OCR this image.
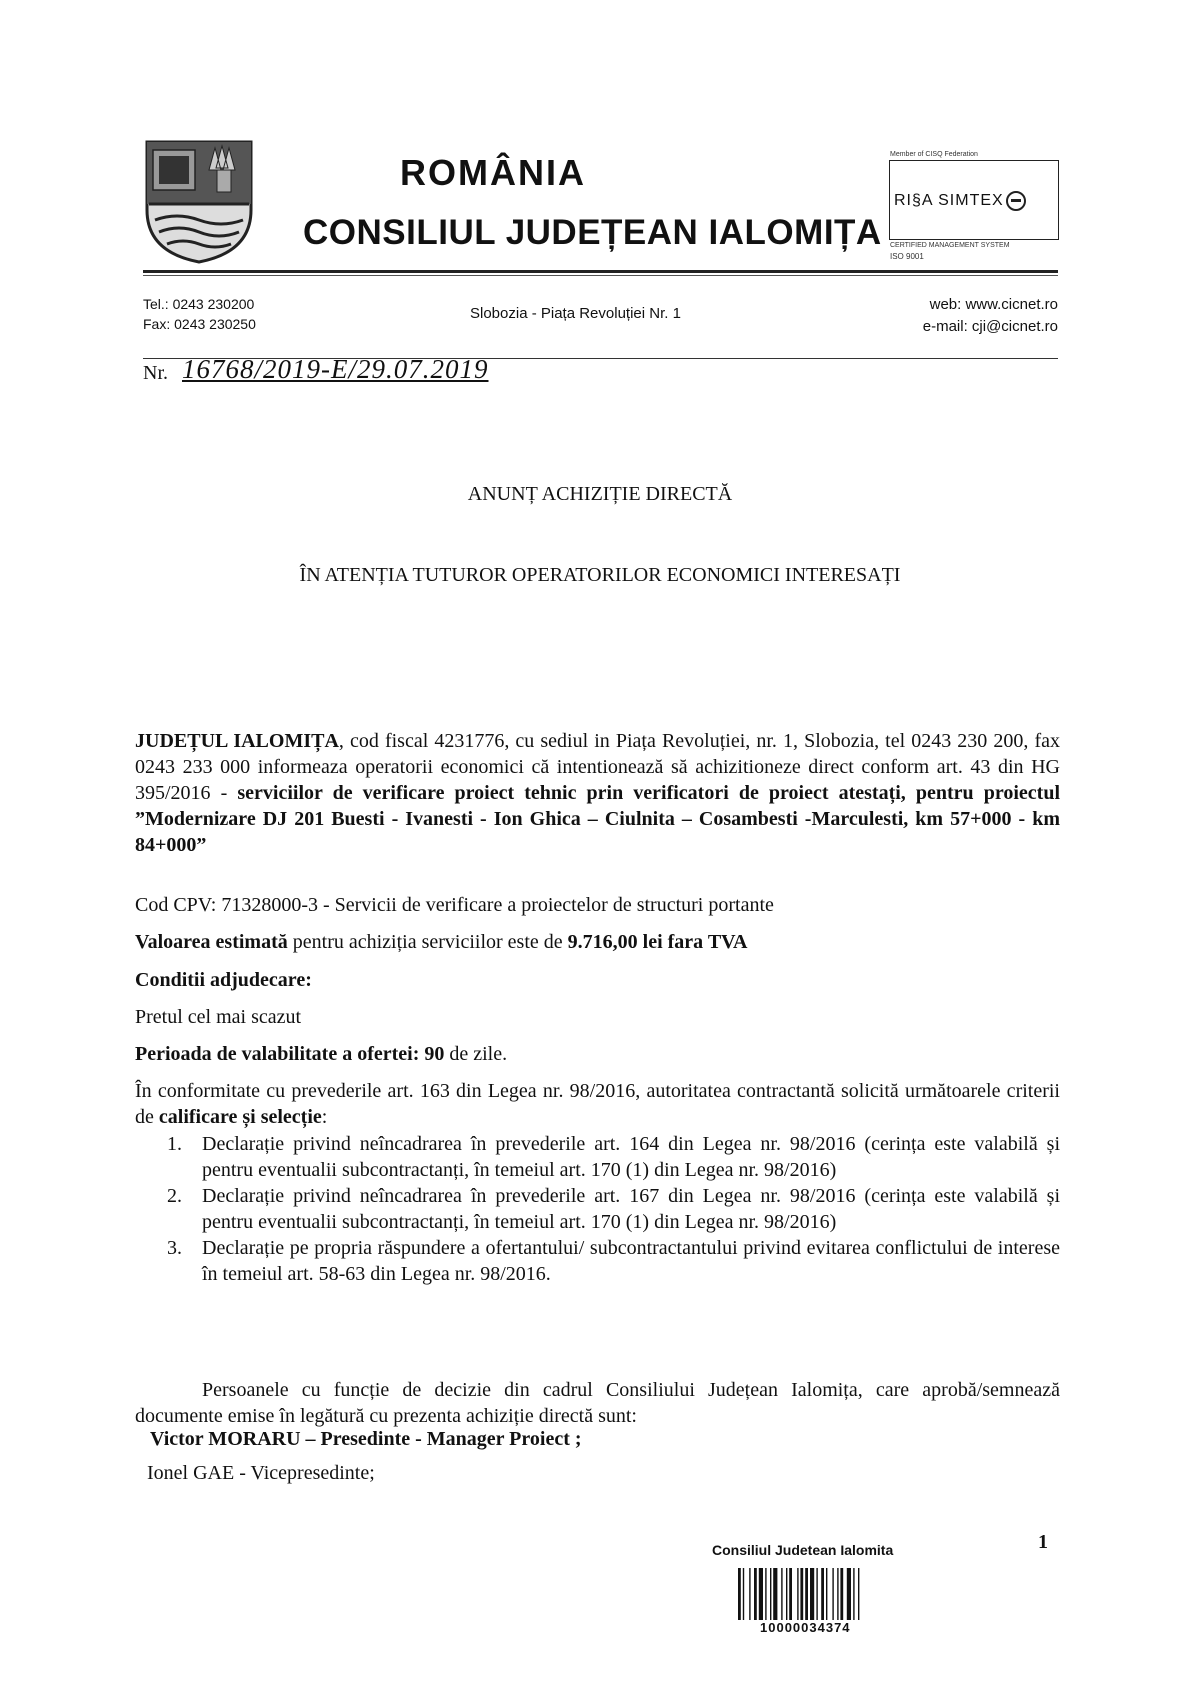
ROMÂNIA
CONSILIUL JUDEȚEAN IALOMIȚA
Member of CISQ Federation
RI§A SIMTEX
CERTIFIED MANAGEMENT SYSTEM
ISO 9001
Tel.: 0243 230200
Fax: 0243 230250
Slobozia - Piața Revoluției Nr. 1
web: www.cicnet.ro
e-mail: cji@cicnet.ro
Nr. 16768/2019-E/29.07.2019
ANUNȚ ACHIZIȚIE DIRECTĂ
ÎN ATENȚIA TUTUROR OPERATORILOR ECONOMICI INTERESAȚI
JUDEȚUL IALOMIȚA, cod fiscal 4231776, cu sediul in Piața Revoluției, nr. 1, Slobozia, tel 0243 230 200, fax 0243 233 000 informeaza operatorii economici că intentionează să achizitioneze direct conform art. 43 din HG 395/2016 - serviciilor de verificare proiect tehnic prin verificatori de proiect atestați, pentru proiectul ”Modernizare DJ 201 Buesti - Ivanesti - Ion Ghica – Ciulnita – Cosambesti -Marculesti, km 57+000 - km 84+000”
Cod CPV: 71328000-3 - Servicii de verificare a proiectelor de structuri portante
Valoarea estimată pentru achiziția serviciilor este de 9.716,00 lei fara TVA
Conditii adjudecare:
Pretul cel mai scazut
Perioada de valabilitate a ofertei: 90 de zile.
În conformitate cu prevederile art. 163 din Legea nr. 98/2016, autoritatea contractantă solicită următoarele criterii de calificare și selecție:
1. Declarație privind neîncadrarea în prevederile art. 164 din Legea nr. 98/2016 (cerința este valabilă și pentru eventualii subcontractanți, în temeiul art. 170 (1) din Legea nr. 98/2016)
2. Declarație privind neîncadrarea în prevederile art. 167 din Legea nr. 98/2016 (cerința este valabilă și pentru eventualii subcontractanți, în temeiul art. 170 (1) din Legea nr. 98/2016)
3. Declarație pe propria răspundere a ofertantului/ subcontractantului privind evitarea conflictului de interese în temeiul art. 58-63 din Legea nr. 98/2016.
Persoanele cu funcție de decizie din cadrul Consiliului Județean Ialomița, care aprobă/semnează documente emise în legătură cu prezenta achiziție directă sunt:
Victor MORARU – Presedinte - Manager Proiect ;
Ionel GAE - Vicepresedinte;
1
Consiliul Judetean Ialomita
10000034374
